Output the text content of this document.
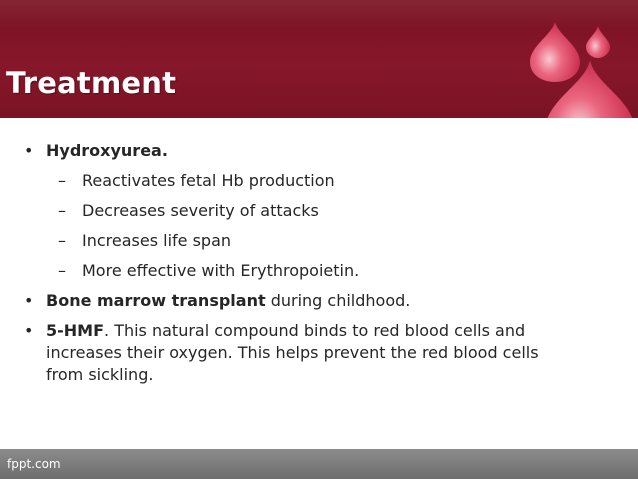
Treatment
• Hydroxyurea.
– Reactivates fetal Hb production
– Decreases severity of attacks
– Increases life span
– More effective with Erythropoietin.
• Bone marrow transplant during childhood.
• 5-HMF. This natural compound binds to red blood cells and increases their oxygen. This helps prevent the red blood cells from sickling.
fppt.com
